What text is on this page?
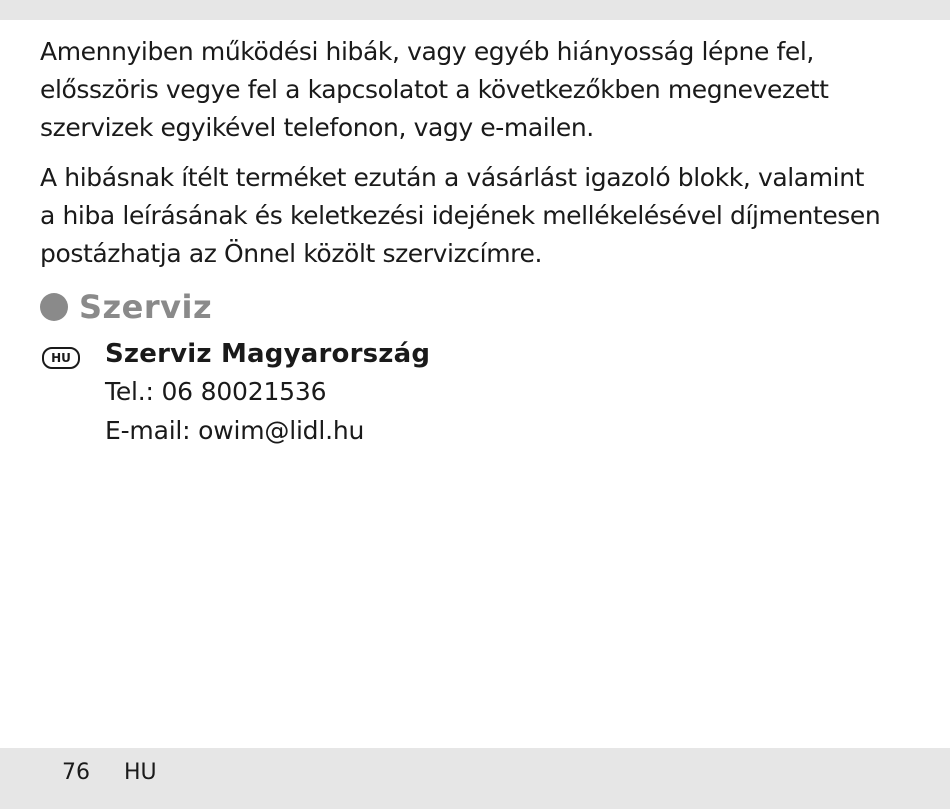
Amennyiben működési hibák, vagy egyéb hiányosság lépne fel,
elősszöris vegye fel a kapcsolatot a következőkben megnevezett
szervizek egyikével telefonon, vagy e-mailen.

A hibásnak ítélt terméket ezután a vásárlást igazoló blokk, valamint
a hiba leírásának és keletkezési idejének mellékelésével díjmentesen
postázhatja az Önnel közölt szervizcímre.

Szerviz
HU	Szerviz Magyarország
Tel.: 06 80021536
E-mail: owim@lidl.hu
76 HU
